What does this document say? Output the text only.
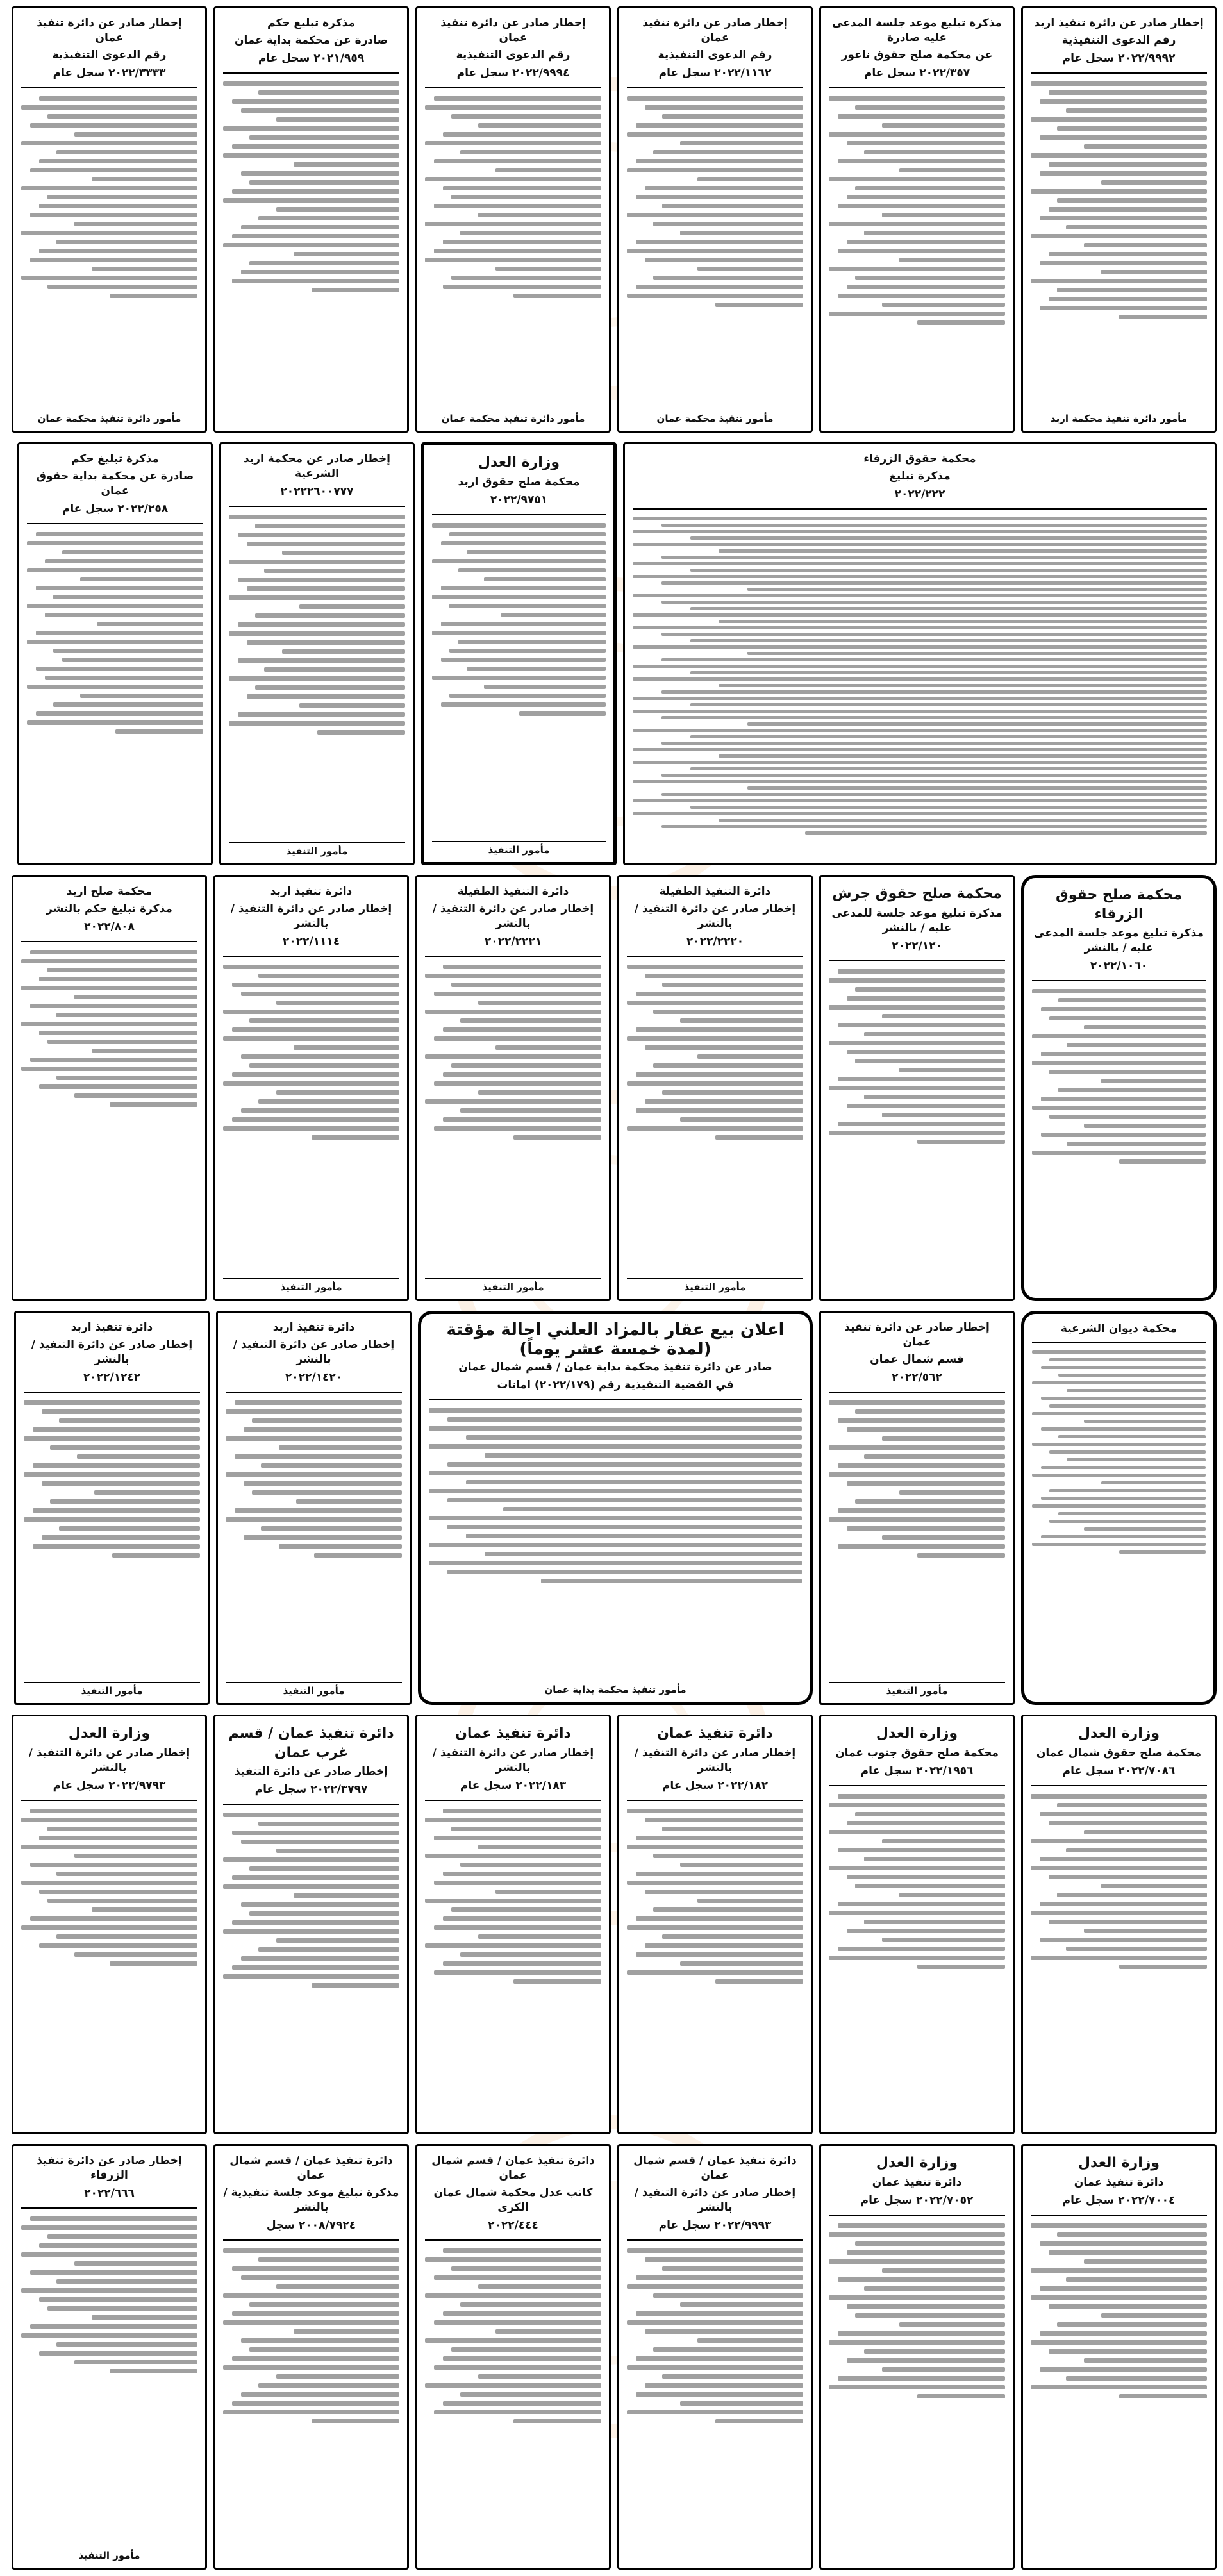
إخطار صادر عن دائرة تنفيذ اربد
رقم الدعوى التنفيذية
٢٠٢٢/٩٩٩٢ سجل عام
مأمور دائرة تنفيذ محكمة اربد
مذكرة تبليغ موعد جلسة المدعى عليه صادرة
عن محكمة صلح حقوق ناعور
٢٠٢٢/٣٥٧ سجل عام
إخطار صادر عن دائرة تنفيذ عمان
رقم الدعوى التنفيذية
٢٠٢٢/١١٦٢ سجل عام
مأمور تنفيذ محكمة عمان
إخطار صادر عن دائرة تنفيذ عمان
رقم الدعوى التنفيذية
٢٠٢٢/٩٩٩٤ سجل عام
مأمور دائرة تنفيذ محكمة عمان
مذكرة تبليغ حكم
صادرة عن محكمة بداية عمان
٢٠٢١/٩٥٩ سجل عام
إخطار صادر عن دائرة تنفيذ عمان
رقم الدعوى التنفيذية
٢٠٢٢/٣٣٣٣ سجل عام
مأمور دائرة تنفيذ محكمة عمان
محكمة حقوق الزرقاء
مذكرة تبليغ
٢٠٢٢/٢٢٢
وزارة العدل
محكمة صلح حقوق اربد
٢٠٢٢/٩٧٥١
مأمور التنفيذ
إخطار صادر عن محكمة اربد الشرعية
٢٠٢٢٢٦٠٠٧٧٧
مأمور التنفيذ
مذكرة تبليغ حكم
صادرة عن محكمة بداية حقوق عمان
٢٠٢٢/٢٥٨ سجل عام
محكمة صلح حقوق الزرقاء
مذكرة تبليغ موعد جلسة المدعى عليه / بالنشر
٢٠٢٢/١٠٦٠
محكمة صلح حقوق جرش
مذكرة تبليغ موعد جلسة للمدعى عليه / بالنشر
٢٠٢٢/١٢٠
دائرة التنفيذ الطفيلة
إخطار صادر عن دائرة التنفيذ / بالنشر
٢٠٢٢/٢٢٢٠
مأمور التنفيذ
دائرة التنفيذ الطفيلة
إخطار صادر عن دائرة التنفيذ / بالنشر
٢٠٢٢/٢٢٢١
مأمور التنفيذ
دائرة تنفيذ اربد
إخطار صادر عن دائرة التنفيذ / بالنشر
٢٠٢٢/١١١٤
مأمور التنفيذ
محكمة صلح اربد
مذكرة تبليغ حكم بالنشر
٢٠٢٢/٨٠٨
محكمة ديوان الشرعية
إخطار صادر عن دائرة تنفيذ عمان
قسم شمال عمان
٢٠٢٢/٥٦٢
مأمور التنفيذ
اعلان بيع عقار بالمزاد العلني احالة مؤقتة (لمدة خمسة عشر يوماً)
صادر عن دائرة تنفيذ محكمة بداية عمان / قسم شمال عمان
في القضية التنفيذية رقم (٢٠٢٢/١٧٩) امانات
مأمور تنفيذ محكمة بداية عمان
دائرة تنفيذ اربد
إخطار صادر عن دائرة التنفيذ / بالنشر
٢٠٢٢/١٤٢٠
مأمور التنفيذ
دائرة تنفيذ اربد
إخطار صادر عن دائرة التنفيذ / بالنشر
٢٠٢٢/١٢٤٢
مأمور التنفيذ
وزارة العدل
محكمة صلح حقوق شمال عمان
٢٠٢٢/٧٠٨٦ سجل عام
وزارة العدل
محكمة صلح حقوق جنوب عمان
٢٠٢٢/١٩٥٦ سجل عام
دائرة تنفيذ عمان
إخطار صادر عن دائرة التنفيذ / بالنشر
٢٠٢٢/١٨٢ سجل عام
دائرة تنفيذ عمان
إخطار صادر عن دائرة التنفيذ / بالنشر
٢٠٢٢/١٨٣ سجل عام
دائرة تنفيذ عمان / قسم غرب عمان
إخطار صادر عن دائرة التنفيذ
٢٠٢٢/٣٧٩٧ سجل عام
وزارة العدل
إخطار صادر عن دائرة التنفيذ / بالنشر
٢٠٢٢/٩٧٩٣ سجل عام
وزارة العدل
دائرة تنفيذ عمان
٢٠٢٢/٧٠٠٤ سجل عام
وزارة العدل
دائرة تنفيذ عمان
٢٠٢٢/٧٠٥٢ سجل عام
دائرة تنفيذ عمان / قسم شمال عمان
إخطار صادر عن دائرة التنفيذ / بالنشر
٢٠٢٢/٩٩٩٣ سجل عام
دائرة تنفيذ عمان / قسم شمال عمان
كاتب عدل محكمة شمال عمان الكرى
٢٠٢٢/٤٤٤
دائرة تنفيذ عمان / قسم شمال عمان
مذكرة تبليغ موعد جلسة تنفيذية / بالنشر
٢٠٠٨/٧٩٢٤ سجل
إخطار صادر عن دائرة تنفيذ الزرقاء
٢٠٢٢/٦٦٦
مأمور التنفيذ
